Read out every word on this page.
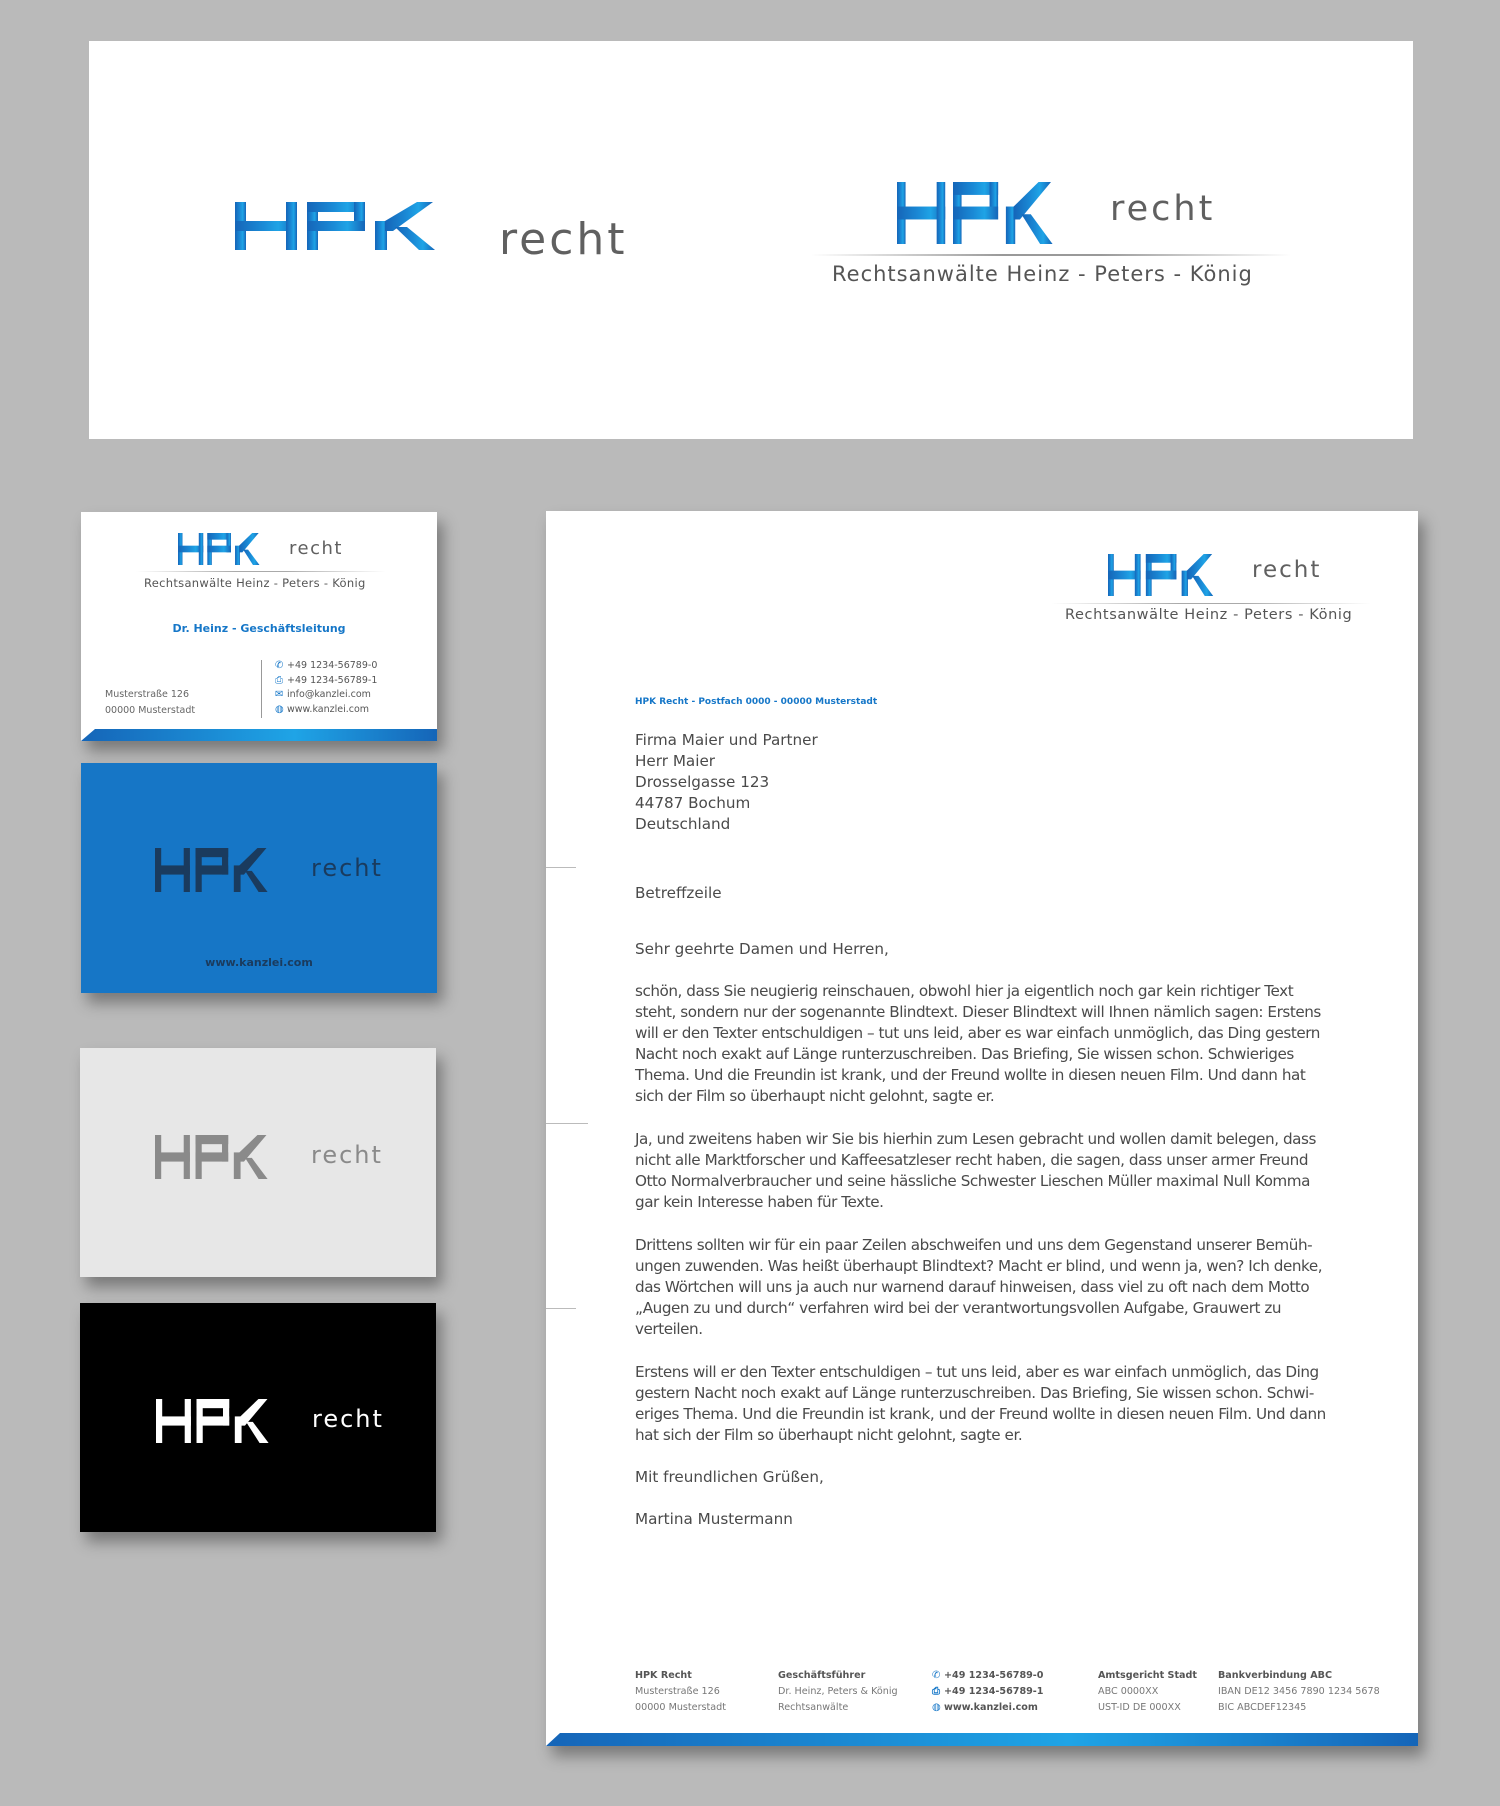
recht
recht
Rechtsanwälte Heinz - Peters - König
recht
Rechtsanwälte Heinz - Peters - König
Dr. Heinz - Geschäftsleitung
Musterstraße 126
00000 Musterstadt
✆ +49 1234-56789-0
⎙ +49 1234-56789-1
✉ info@kanzlei.com
◍ www.kanzlei.com
recht
www.kanzlei.com
recht
recht
recht
Rechtsanwälte Heinz - Peters - König
HPK Recht - Postfach 0000 - 00000 Musterstadt
Firma Maier und Partner
Herr Maier
Drosselgasse 123
44787 Bochum
Deutschland
Betreffzeile
Sehr geehrte Damen und Herren,
schön, dass Sie neugierig reinschauen, obwohl hier ja eigentlich noch gar kein richtiger Text
steht, sondern nur der sogenannte Blindtext. Dieser Blindtext will Ihnen nämlich sagen: Erstens
will er den Texter entschuldigen – tut uns leid, aber es war einfach unmöglich, das Ding gestern
Nacht noch exakt auf Länge runterzuschreiben. Das Briefing, Sie wissen schon. Schwieriges
Thema. Und die Freundin ist krank, und der Freund wollte in diesen neuen Film. Und dann hat
sich der Film so überhaupt nicht gelohnt, sagte er.
Ja, und zweitens haben wir Sie bis hierhin zum Lesen gebracht und wollen damit belegen, dass
nicht alle Marktforscher und Kaffeesatzleser recht haben, die sagen, dass unser armer Freund
Otto Normalverbraucher und seine hässliche Schwester Lieschen Müller maximal Null Komma
gar kein Interesse haben für Texte.
Drittens sollten wir für ein paar Zeilen abschweifen und uns dem Gegenstand unserer Bemüh-
ungen zuwenden. Was heißt überhaupt Blindtext? Macht er blind, und wenn ja, wen? Ich denke,
das Wörtchen will uns ja auch nur warnend darauf hinweisen, dass viel zu oft nach dem Motto
„Augen zu und durch“ verfahren wird bei der verantwortungsvollen Aufgabe, Grauwert zu
verteilen.
Erstens will er den Texter entschuldigen – tut uns leid, aber es war einfach unmöglich, das Ding
gestern Nacht noch exakt auf Länge runterzuschreiben. Das Briefing, Sie wissen schon. Schwi-
eriges Thema. Und die Freundin ist krank, und der Freund wollte in diesen neuen Film. Und dann
hat sich der Film so überhaupt nicht gelohnt, sagte er.
Mit freundlichen Grüßen,
Martina Mustermann
HPK Recht
Musterstraße 126
00000 Musterstadt
Geschäftsführer
Dr. Heinz, Peters & König
Rechtsanwälte
✆ +49 1234-56789-0
⎙ +49 1234-56789-1
◍ www.kanzlei.com
Amtsgericht Stadt
ABC 0000XX
UST-ID DE 000XX
Bankverbindung ABC
IBAN DE12 3456 7890 1234 5678
BIC ABCDEF12345
